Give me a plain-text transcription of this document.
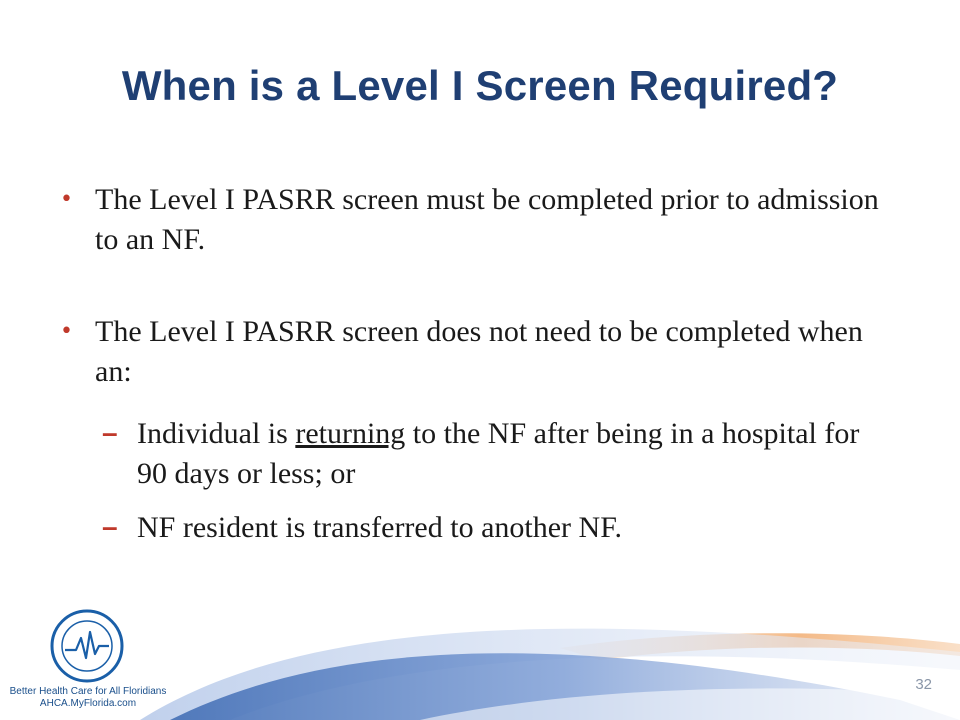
When is a Level I Screen Required?
• The Level I PASRR screen must be completed prior to admission to an NF.
• The Level I PASRR screen does not need to be completed when an:
– Individual is returning to the NF after being in a hospital for 90 days or less; or
– NF resident is transferred to another NF.
Better Health Care for All Floridians
AHCA.MyFlorida.com
32
